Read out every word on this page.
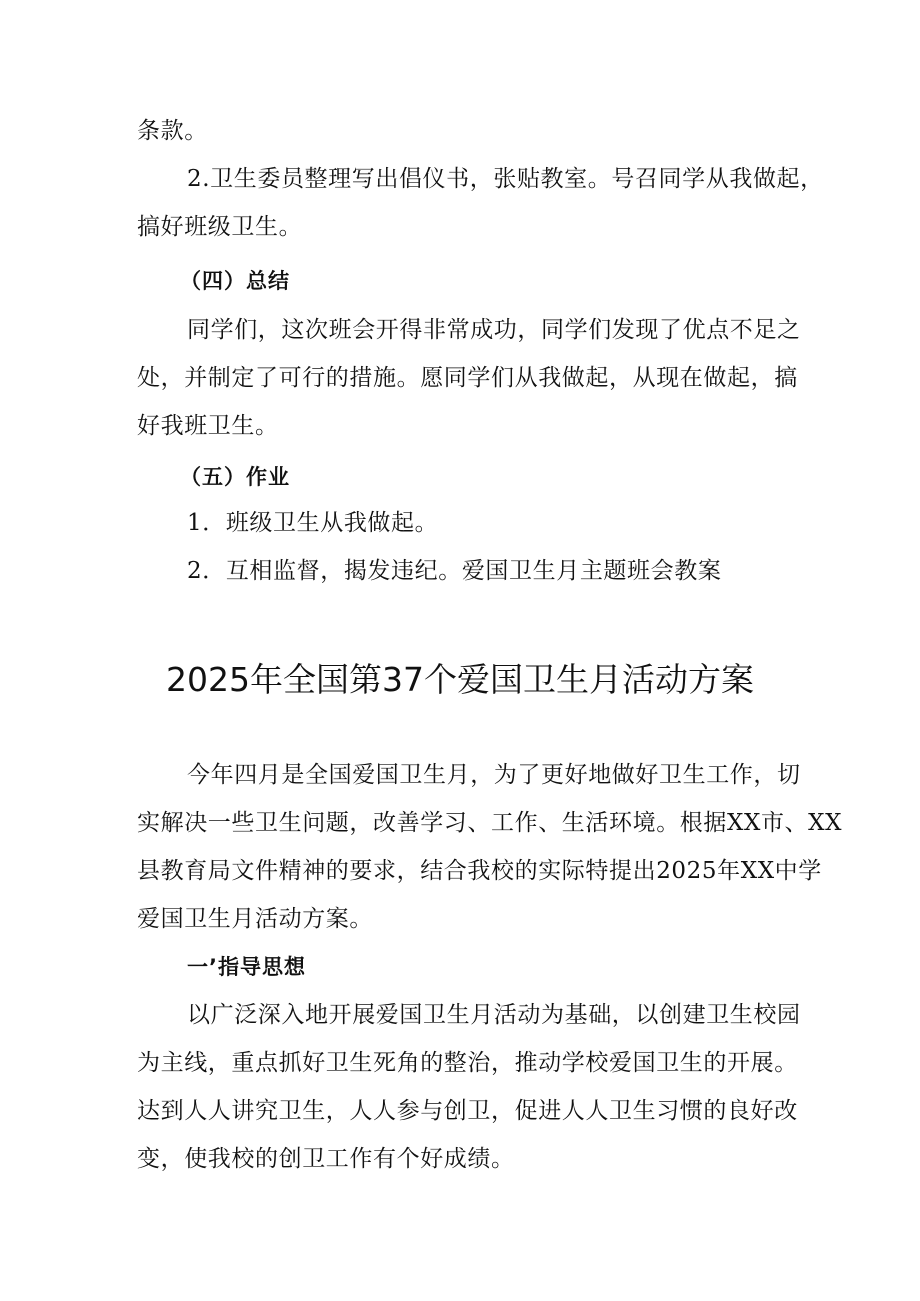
条款。
2.卫生委员整理写出倡仪书，张贴教室。号召同学从我做起，
搞好班级卫生。
（四）总结
同学们，这次班会开得非常成功，同学们发现了优点不足之
处，并制定了可行的措施。愿同学们从我做起，从现在做起，搞
好我班卫生。
（五）作业
1．班级卫生从我做起。
2．互相监督，揭发违纪。爱国卫生月主题班会教案
2025年全国第37个爱国卫生月活动方案
今年四月是全国爱国卫生月，为了更好地做好卫生工作，切
实解决一些卫生问题，改善学习、工作、生活环境。根据XX市、XX
县教育局文件精神的要求，结合我校的实际特提出2025年XX中学
爱国卫生月活动方案。
一’指导思想
以广泛深入地开展爱国卫生月活动为基础，以创建卫生校园
为主线，重点抓好卫生死角的整治，推动学校爱国卫生的开展。
达到人人讲究卫生，人人参与创卫，促进人人卫生习惯的良好改
变，使我校的创卫工作有个好成绩。
